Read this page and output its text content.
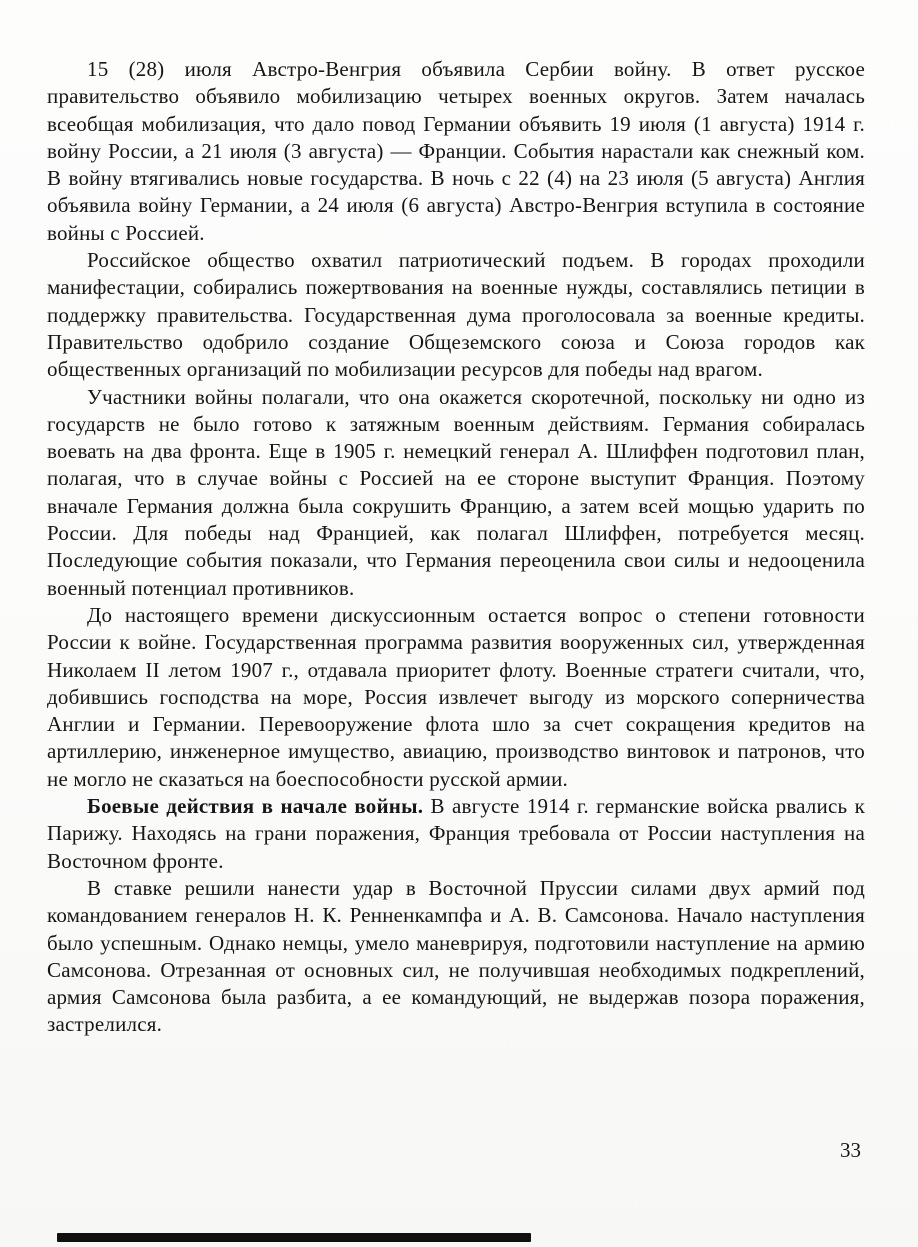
15 (28) июля Австро-Венгрия объявила Сербии войну. В ответ русское правительство объявило мобилизацию четырех военных округов. Затем началась всеобщая мобилизация, что дало повод Германии объявить 19 июля (1 августа) 1914 г. войну России, а 21 июля (3 августа) — Франции. События нарастали как снежный ком. В войну втягивались новые государства. В ночь с 22 (4) на 23 июля (5 августа) Англия объявила войну Германии, а 24 июля (6 августа) Австро-Венгрия вступила в состояние войны с Россией.

Российское общество охватил патриотический подъем. В городах проходили манифестации, собирались пожертвования на военные нужды, составлялись петиции в поддержку правительства. Государственная дума проголосовала за военные кредиты. Правительство одобрило создание Общеземского союза и Союза городов как общественных организаций по мобилизации ресурсов для победы над врагом.

Участники войны полагали, что она окажется скоротечной, поскольку ни одно из государств не было готово к затяжным военным действиям. Германия собиралась воевать на два фронта. Еще в 1905 г. немецкий генерал А. Шлиффен подготовил план, полагая, что в случае войны с Россией на ее стороне выступит Франция. Поэтому вначале Германия должна была сокрушить Францию, а затем всей мощью ударить по России. Для победы над Францией, как полагал Шлиффен, потребуется месяц. Последующие события показали, что Германия переоценила свои силы и недооценила военный потенциал противников.

До настоящего времени дискуссионным остается вопрос о степени готовности России к войне. Государственная программа развития вооруженных сил, утвержденная Николаем II летом 1907 г., отдавала приоритет флоту. Военные стратеги считали, что, добившись господства на море, Россия извлечет выгоду из морского соперничества Англии и Германии. Перевооружение флота шло за счет сокращения кредитов на артиллерию, инженерное имущество, авиацию, производство винтовок и патронов, что не могло не сказаться на боеспособности русской армии.

Боевые действия в начале войны. В августе 1914 г. германские войска рвались к Парижу. Находясь на грани поражения, Франция требовала от России наступления на Восточном фронте.

В ставке решили нанести удар в Восточной Пруссии силами двух армий под командованием генералов Н. К. Ренненкампфа и А. В. Самсонова. Начало наступления было успешным. Однако немцы, умело маневрируя, подготовили наступление на армию Самсонова. Отрезанная от основных сил, не получившая необходимых подкреплений, армия Самсонова была разбита, а ее командующий, не выдержав позора поражения, застрелился.

33
